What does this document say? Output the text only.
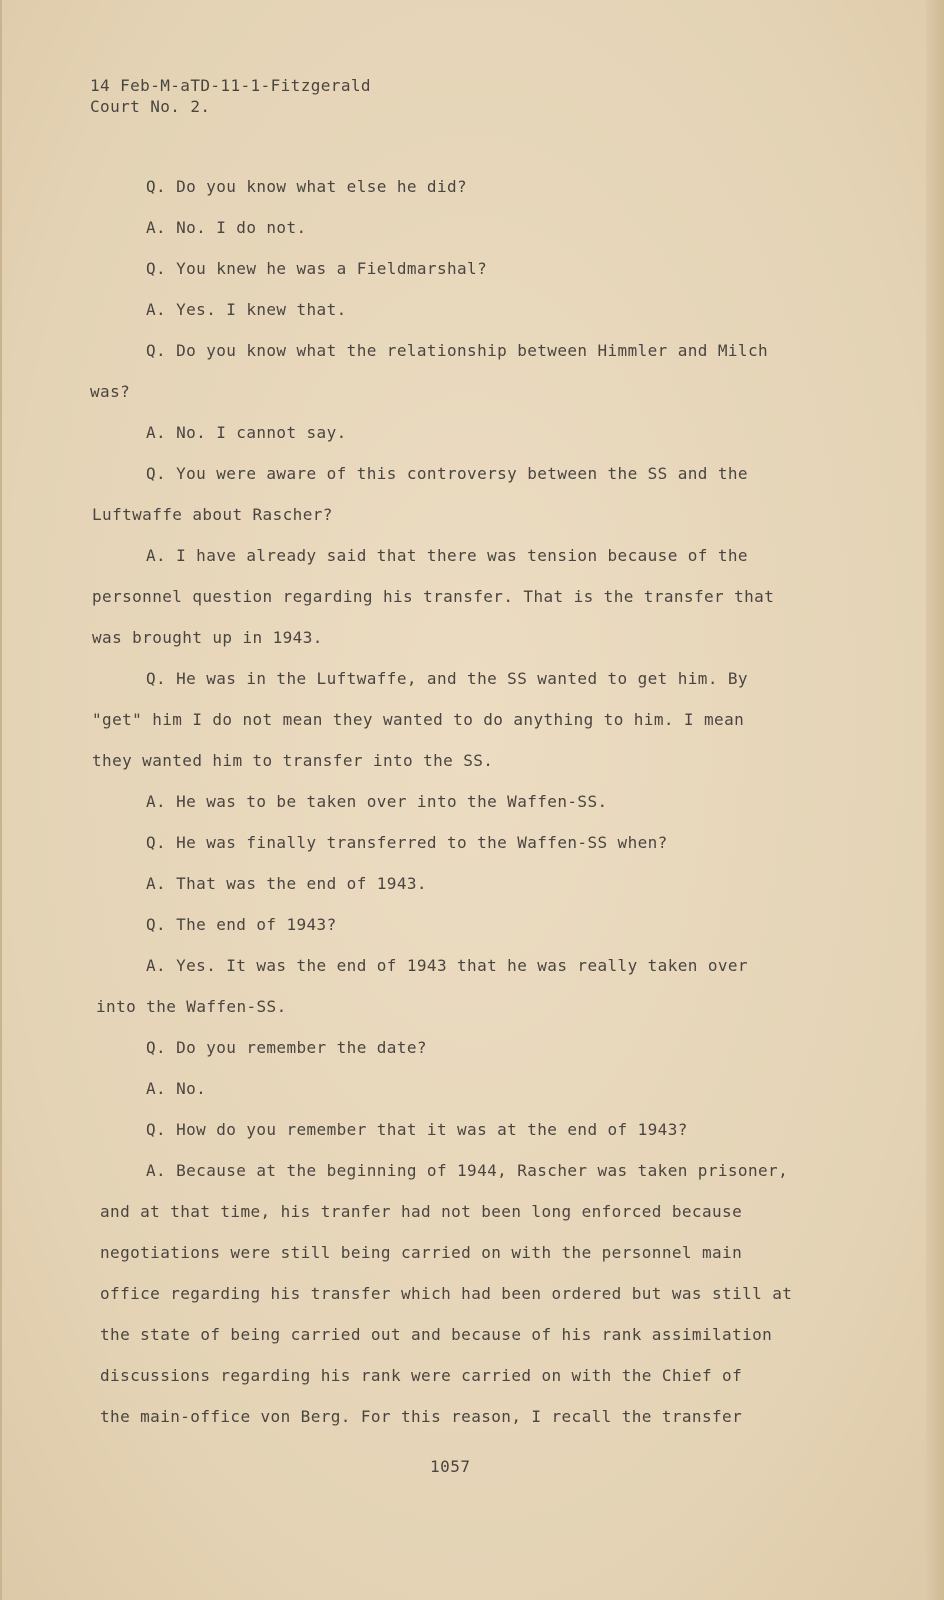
14 Feb-M-aTD-11-1-Fitzgerald
Court No. 2.
Q. Do you know what else he did?
A. No. I do not.
Q. You knew he was a Fieldmarshal?
A. Yes. I knew that.
Q. Do you know what the relationship between Himmler and Milch
was?
A. No. I cannot say.
Q. You were aware of this controversy between the SS and the
Luftwaffe about Rascher?
A. I have already said that there was tension because of the
personnel question regarding his transfer. That is the transfer that
was brought up in 1943.
Q. He was in the Luftwaffe, and the SS wanted to get him. By
"get" him I do not mean they wanted to do anything to him. I mean
they wanted him to transfer into the SS.
A. He was to be taken over into the Waffen-SS.
Q. He was finally transferred to the Waffen-SS when?
A. That was the end of 1943.
Q. The end of 1943?
A. Yes. It was the end of 1943 that he was really taken over
into the Waffen-SS.
Q. Do you remember the date?
A. No.
Q. How do you remember that it was at the end of 1943?
A. Because at the beginning of 1944, Rascher was taken prisoner,
and at that time, his tranfer had not been long enforced because
negotiations were still being carried on with the personnel main
office regarding his transfer which had been ordered but was still at
the state of being carried out and because of his rank assimilation
discussions regarding his rank were carried on with the Chief of
the main-office von Berg. For this reason, I recall the transfer
1057
